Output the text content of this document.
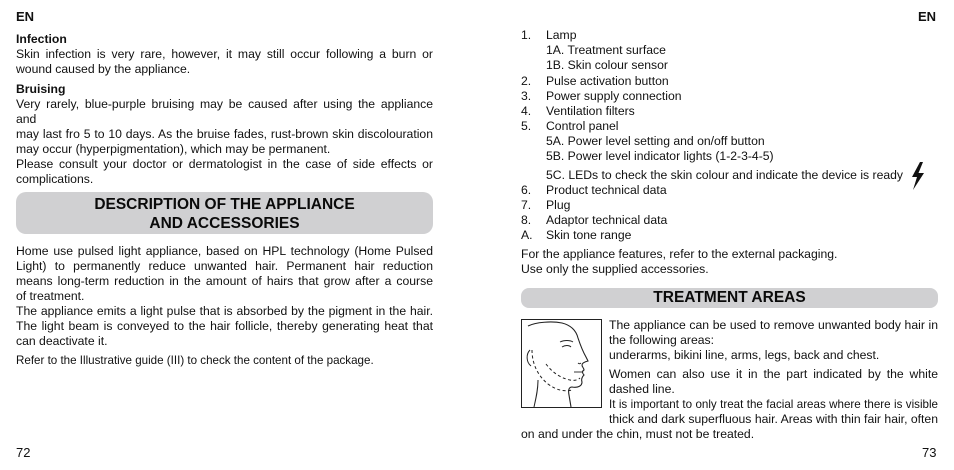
EN
Infection
Skin infection is very rare, however, it may still occur following a burn or
wound caused by the appliance.
Bruising
Very rarely, blue-purple bruising may be caused after using the appliance and
may last fro 5 to 10 days. As the bruise fades, rust-brown skin discolouration
may occur (hyperpigmentation), which may be permanent.
Please consult your doctor or dermatologist in the case of side effects or
complications.
DESCRIPTION OF THE APPLIANCE
AND ACCESSORIES
Home use pulsed light appliance, based on HPL technology (Home Pulsed
Light) to permanently reduce unwanted hair. Permanent hair reduction
means long-term reduction in the amount of hairs that grow after a course
of treatment.
The appliance emits a light pulse that is absorbed by the pigment in the hair.
The light beam is conveyed to the hair follicle, thereby generating heat that
can deactivate it.
Refer to the Illustrative guide (III) to check the content of the package.
72
EN
1.	Lamp
1A. Treatment surface
1B. Skin colour sensor
2.	Pulse activation button
3.	Power supply connection
4.	Ventilation filters
5.	Control panel
5A. Power level setting and on/off button
5B. Power level indicator lights (1-2-3-4-5)
5C. LEDs to check the skin colour and indicate the device is ready
6.	Product technical data
7.	Plug
8.	Adaptor technical data
A.	Skin tone range
For the appliance features, refer to the external packaging.
Use only the supplied accessories.
TREATMENT AREAS
The appliance can be used to remove unwanted body hair in
the following areas:
underarms, bikini line, arms, legs, back and chest.
Women can also use it in the part indicated by the white
dashed line.
It is important to only treat the facial areas where there is visible
thick and dark superfluous hair. Areas with thin fair hair, often
on and under the chin, must not be treated.
73
